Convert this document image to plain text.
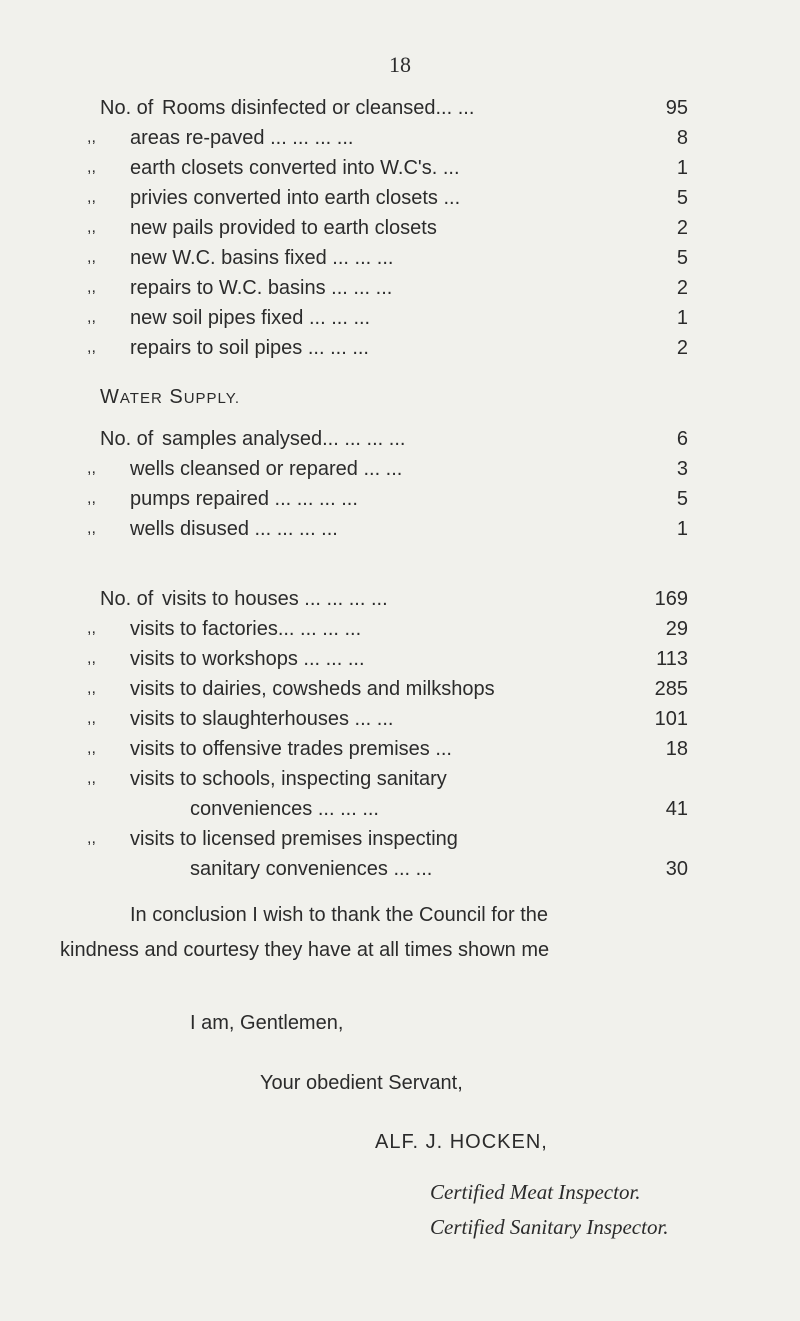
18
No. of Rooms disinfected or cleansed... ...	95
,, areas re-paved ... ... ... ...	8
,, earth closets converted into W.C's. ...	1
,, privies converted into earth closets ...	5
,, new pails provided to earth closets	2
,, new W.C. basins fixed ... ... ...	5
,, repairs to W.C. basins ... ... ...	2
,, new soil pipes fixed ... ... ...	1
,, repairs to soil pipes ... ... ...	2
WATER SUPPLY.
No. of samples analysed... ... ... ...	6
,, wells cleansed or repared ... ...	3
,, pumps repaired ... ... ... ...	5
,, wells disused ... ... ... ...	1
No. of visits to houses ... ... ... ...	169
,, visits to factories... ... ... ...	29
,, visits to workshops ... ... ...	113
,, visits to dairies, cowsheds and milkshops	285
,, visits to slaughterhouses ... ...	101
,, visits to offensive trades premises ...	18
,, visits to schools, inspecting sanitary
conveniences ... ... ...	41
,, visits to licensed premises inspecting
sanitary conveniences ... ...	30
In conclusion I wish to thank the Council for the
kindness and courtesy they have at all times shown me
I am, Gentlemen,
Your obedient Servant,
ALF. J. HOCKEN,
Certified Meat Inspector.
Certified Sanitary Inspector.
